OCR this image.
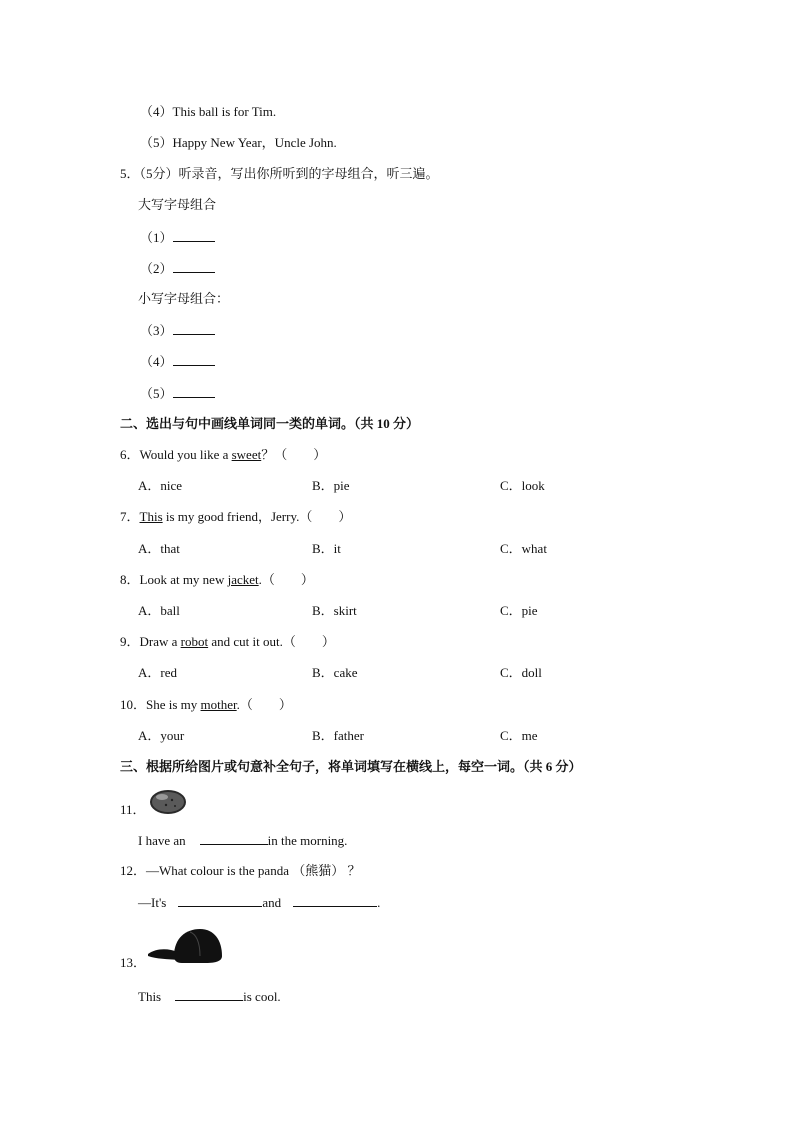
（4）This ball is for Tim.
（5）Happy New Year，Uncle John.
5．（5分）听录音，写出你所听到的字母组合，听三遍。
大写字母组合
（1）
（2）
小写字母组合：
（3）
（4）
（5）
二、选出与句中画线单词同一类的单词。（共 10 分）
6．Would you like a sweet？（　　）
A．nice	B．pie	C．look
7．This is my good friend，Jerry.（　　）
A．that	B．it	C．what
8．Look at my new jacket.（　　）
A．ball	B．skirt	C．pie
9．Draw a robot and cut it out.（　　）
A．red	B．cake	C．doll
10．She is my mother.（　　）
A．your	B．father	C．me
三、根据所给图片或句意补全句子，将单词填写在横线上，每空一词。（共 6 分）
11．
I have an	in the morning.
12．—What colour is the panda （熊猫） ？
—It's	and	.
13．
This	is cool.
